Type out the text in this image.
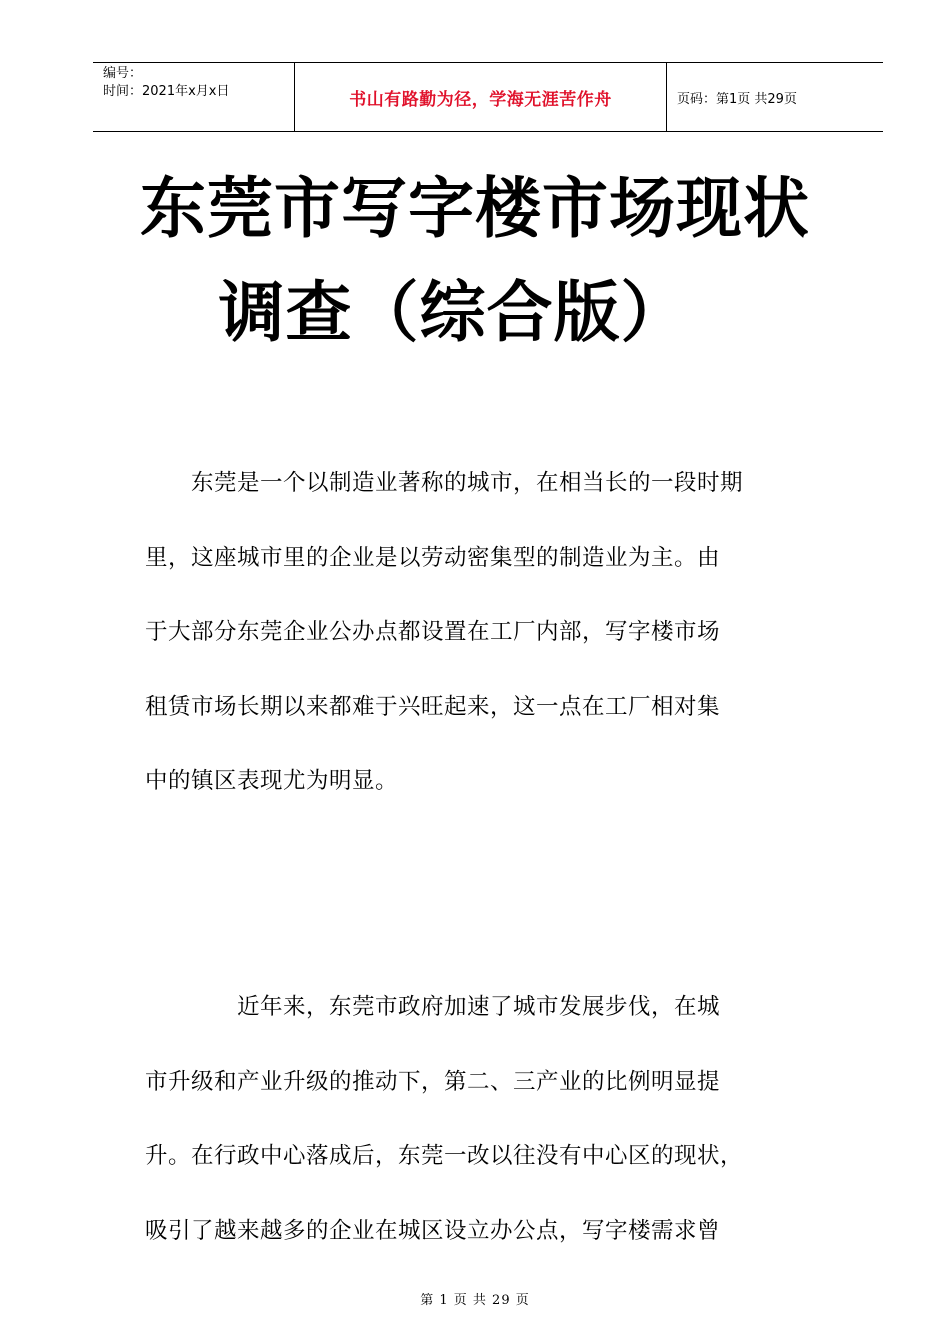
编号：
时间：2021年x月x日	书山有路勤为径，学海无涯苦作舟	页码：第1页 共29页
东莞市写字楼市场现状
调查（综合版）
　　东莞是一个以制造业著称的城市，在相当长的一段时期
里，这座城市里的企业是以劳动密集型的制造业为主。由
于大部分东莞企业公办点都设置在工厂内部，写字楼市场
租赁市场长期以来都难于兴旺起来，这一点在工厂相对集
中的镇区表现尤为明显。
　　　　近年来，东莞市政府加速了城市发展步伐，在城
市升级和产业升级的推动下，第二、三产业的比例明显提
升。在行政中心落成后，东莞一改以往没有中心区的现状，
吸引了越来越多的企业在城区设立办公点，写字楼需求曾
第 1 页 共 29 页
